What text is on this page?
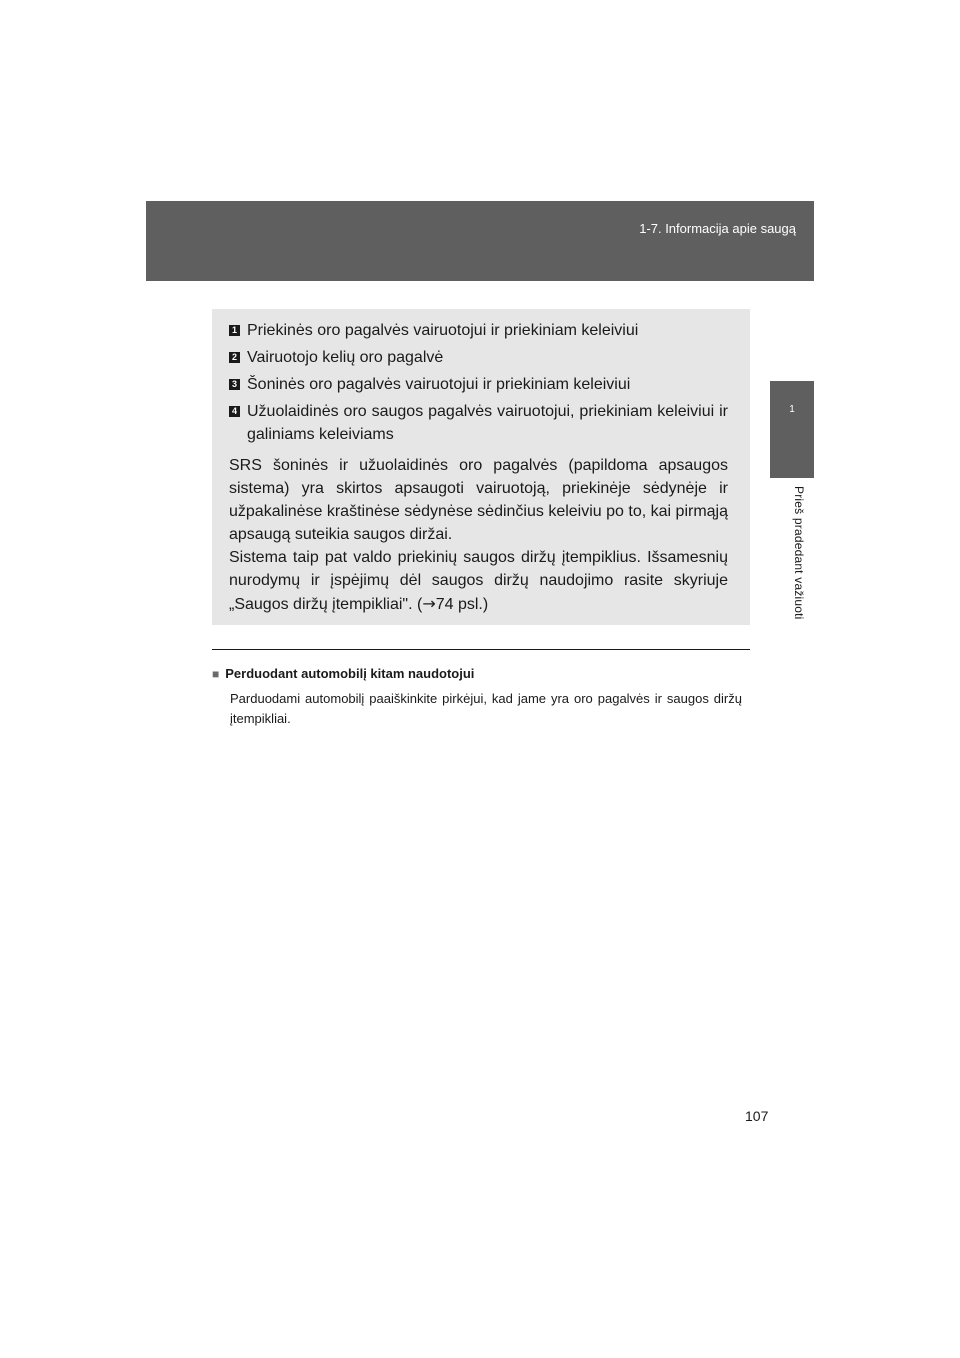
1-7. Informacija apie saugą
1
Prieš pradedant važiuoti
1 Priekinės oro pagalvės vairuotojui ir priekiniam keleiviui
2 Vairuotojo kelių oro pagalvė
3 Šoninės oro pagalvės vairuotojui ir priekiniam keleiviui
4 Užuolaidinės oro saugos pagalvės vairuotojui, priekiniam keleiviui ir galiniams keleiviams
SRS šoninės ir užuolaidinės oro pagalvės (papildoma apsaugos sistema) yra skirtos apsaugoti vairuotoją, priekinėje sėdynėje ir užpakalinėse kraštinėse sėdynėse sėdinčius keleiviu po to, kai pirmąją apsaugą suteikia saugos diržai.
Sistema taip pat valdo priekinių saugos diržų įtempiklius. Išsamesnių nurodymų ir įspėjimų dėl saugos diržų naudojimo rasite skyriuje „Saugos diržų įtempikliai". (→74 psl.)
■ Perduodant automobilį kitam naudotojui
Parduodami automobilį paaiškinkite pirkėjui, kad jame yra oro pagalvės ir saugos diržų įtempikliai.
107
